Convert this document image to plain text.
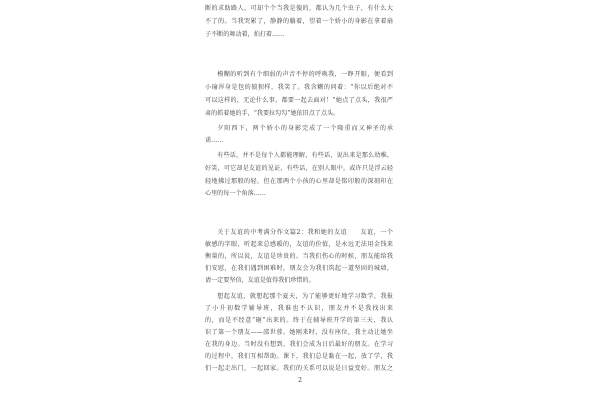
断的求助路人，可却个个当我是傻的，都认为几个虫子，有什么大
不了的。当我哭累了，静静的躺着，望着一个娇小的身影在拿着扇
子不断的舞动着，拍打着……
模糊的听到有个细弱的声音不停的呼唤我，一睁开眼，便看到
小瑜浑身是包的狼狈样，我笑了。我含糊的问着：“你以后绝对不
可以这样的，无论什么事，都要一起去面对！”她点了点头，我很严
肃的抓着她的手，“我要拉勾勾”她依旧点了点头。
夕阳西下，两个娇小的身影完成了一个隆重而又神圣的承
诺……
有些话，并不是每个人都能理解，有些话，说出来是那么幼稚，
好笑，可它却是友谊的见证，有些话，在别人眼中，或许只是浮云轻
轻地拂过那般的轻，但在那两个小孩的心里却是铭印般的深刻印在
心里的每一个角落……
关于友谊的中考满分作文篇2：我和她的友谊　　友谊，一个
敏感的字眼，听起来总感暖的，友谊的价值，是永远无法用金钱来
衡量的，所以说，友谊是珍贵的。当我们伤心的时候，朋友能给我
们安慰，在我们遇到困难时，朋友会为我们筑起一道坚固的城墙，
请一定要坚信，友谊是值得我们珍惜的。
想起友谊，就想起那个夏天，为了能够更好地学习数学，我报
了小升初数学辅导班，我谁也不认识，朋友并不是我找出来
的，而是不经意“砸”出来的。终于在辅导班开学的第三天，我认
识了第一个朋友——邵世蓉。她刚来时，没有座位，我主动让她坐
在我的身边。当时没有想到，我们会成为日后最好的朋友。在学习
的过程中，我们互相帮助。课下，我们总是黏在一起，放了学，我
们一起走出门，一起回家。我们的关系可以说是日益变好。朋友之
2
